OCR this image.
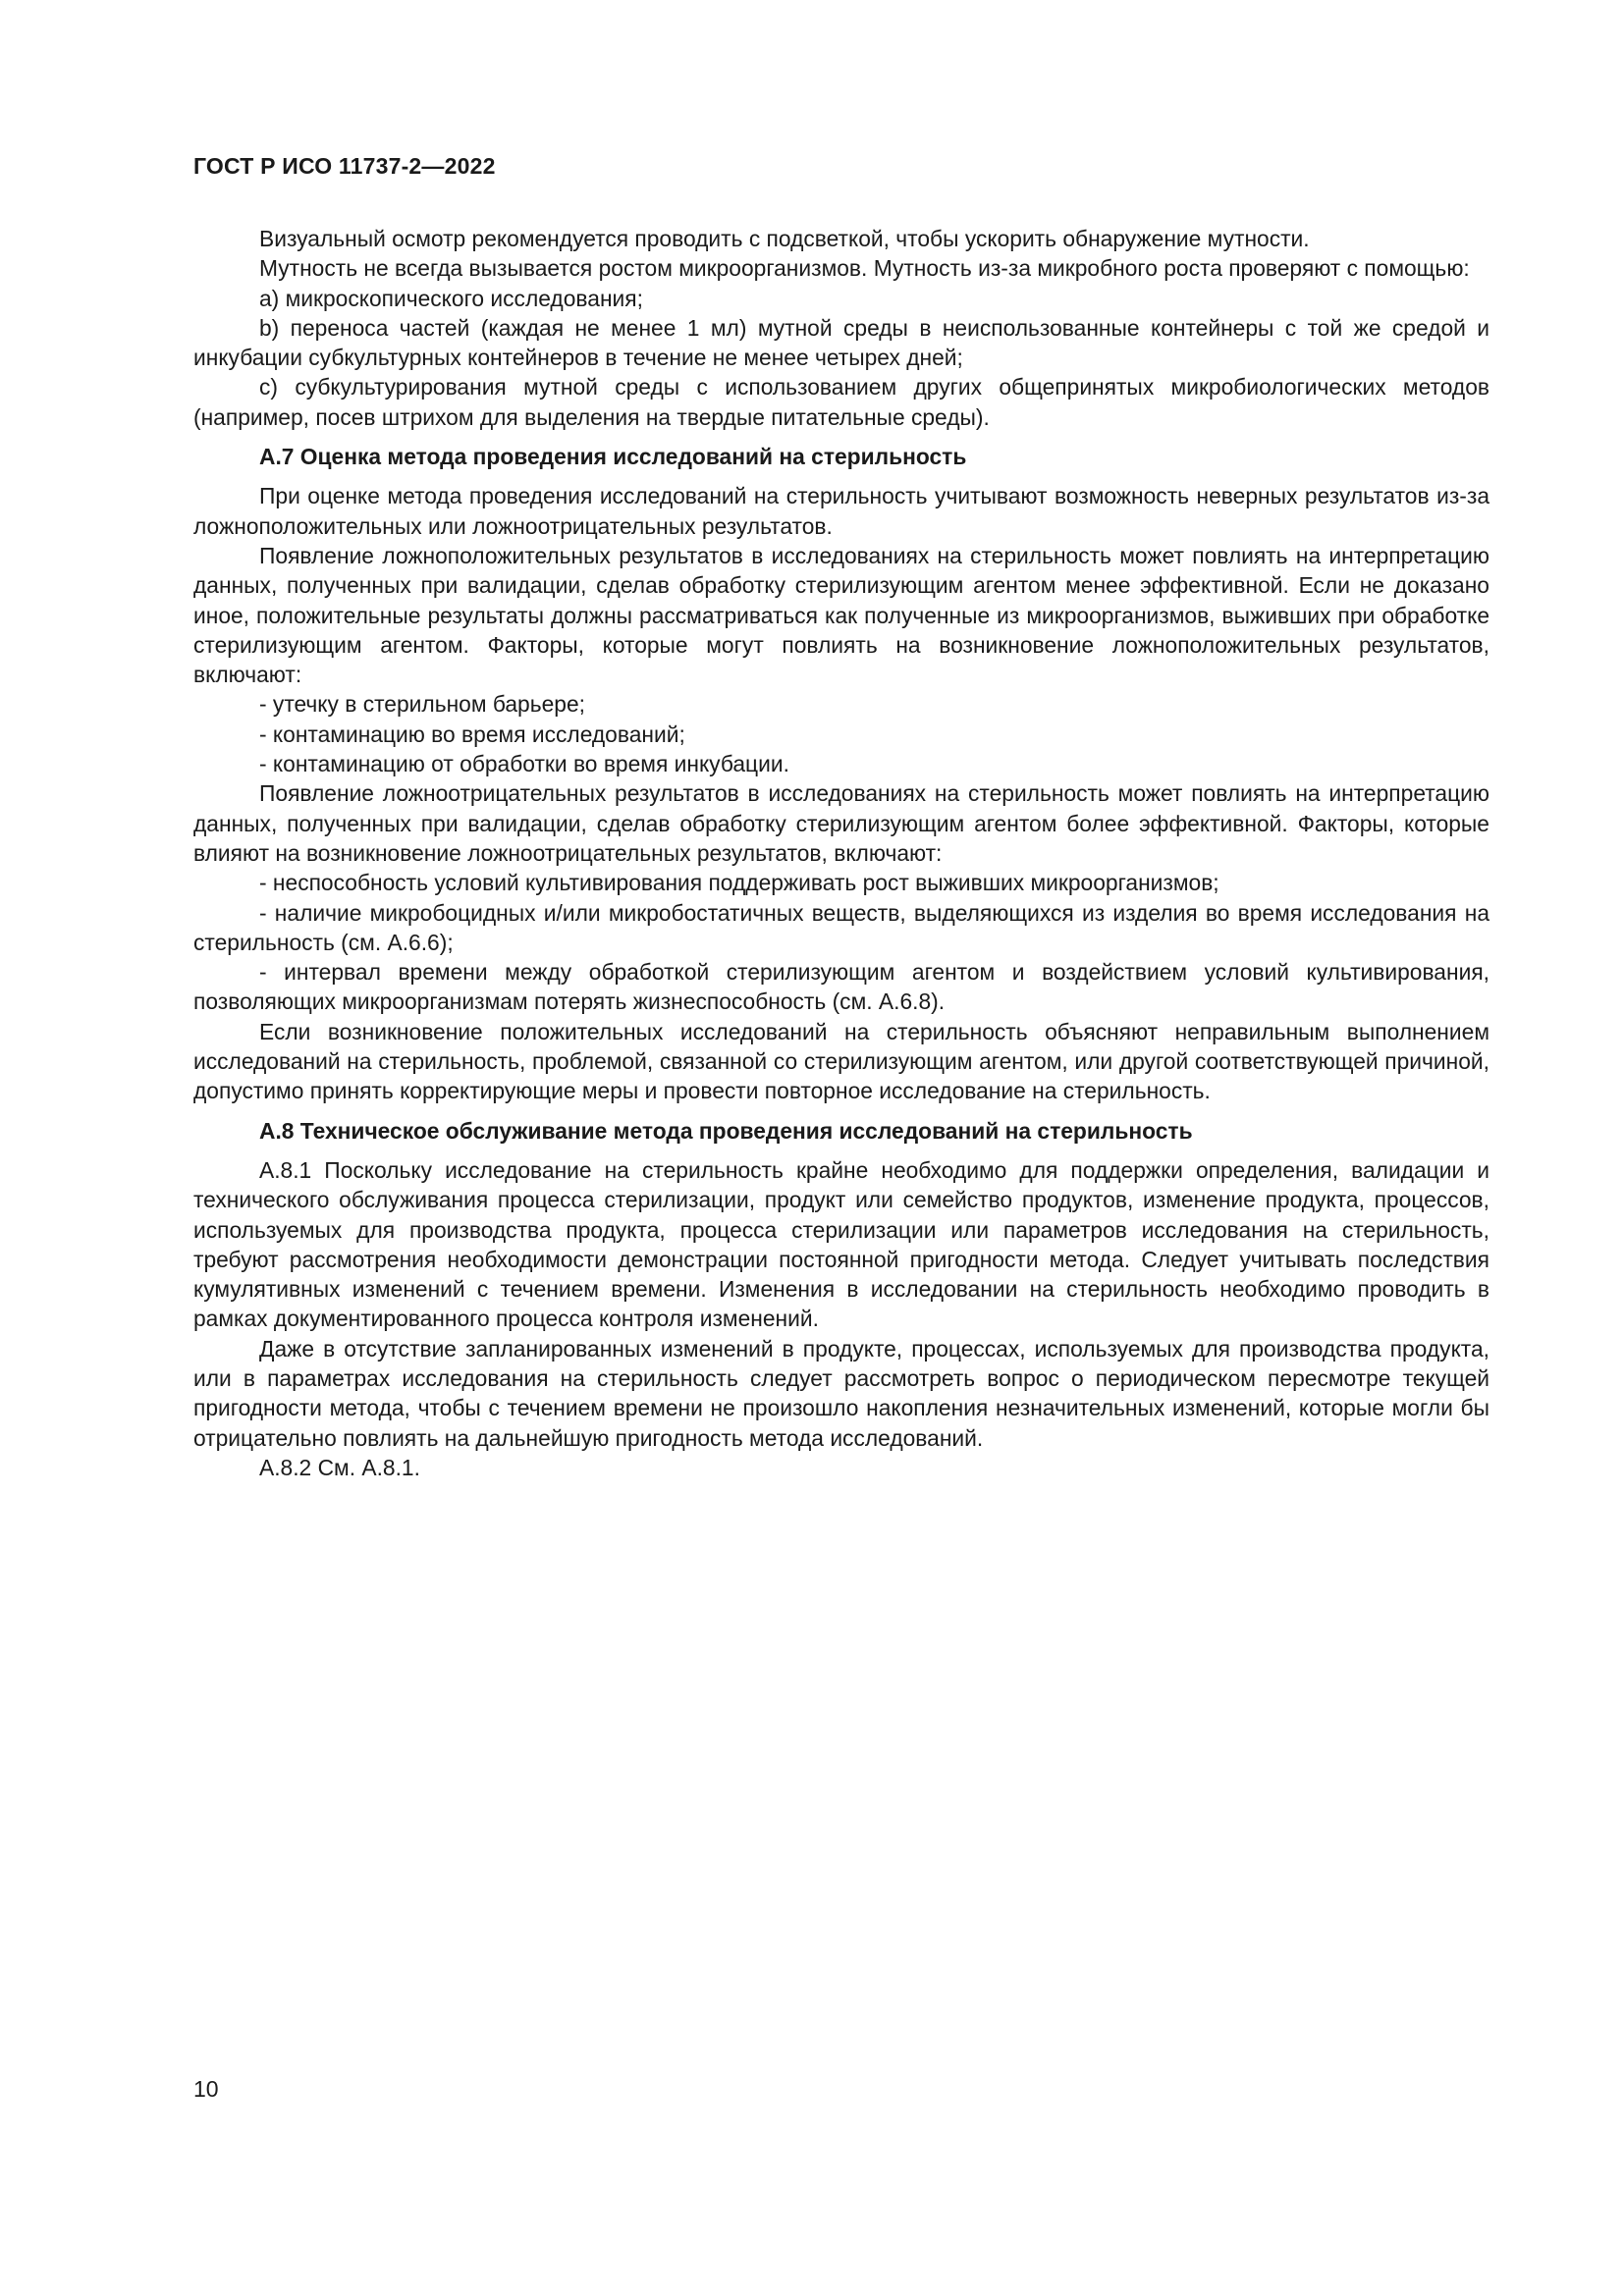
ГОСТ Р ИСО 11737-2—2022

Визуальный осмотр рекомендуется проводить с подсветкой, чтобы ускорить обнаружение мутности.

Мутность не всегда вызывается ростом микроорганизмов. Мутность из-за микробного роста проверяют с помощью:

a) микроскопического исследования;

b) переноса частей (каждая не менее 1 мл) мутной среды в неиспользованные контейнеры с той же средой и инкубации субкультурных контейнеров в течение не менее четырех дней;

c) субкультурирования мутной среды с использованием других общепринятых микробиологических методов (например, посев штрихом для выделения на твердые питательные среды).

А.7 Оценка метода проведения исследований на стерильность

При оценке метода проведения исследований на стерильность учитывают возможность неверных результатов из-за ложноположительных или ложноотрицательных результатов.

Появление ложноположительных результатов в исследованиях на стерильность может повлиять на интерпретацию данных, полученных при валидации, сделав обработку стерилизующим агентом менее эффективной. Если не доказано иное, положительные результаты должны рассматриваться как полученные из микроорганизмов, выживших при обработке стерилизующим агентом. Факторы, которые могут повлиять на возникновение ложноположительных результатов, включают:

- утечку в стерильном барьере;

- контаминацию во время исследований;

- контаминацию от обработки во время инкубации.

Появление ложноотрицательных результатов в исследованиях на стерильность может повлиять на интерпретацию данных, полученных при валидации, сделав обработку стерилизующим агентом более эффективной. Факторы, которые влияют на возникновение ложноотрицательных результатов, включают:

- неспособность условий культивирования поддерживать рост выживших микроорганизмов;

- наличие микробоцидных и/или микробостатичных веществ, выделяющихся из изделия во время исследования на стерильность (см. А.6.6);

- интервал времени между обработкой стерилизующим агентом и воздействием условий культивирования, позволяющих микроорганизмам потерять жизнеспособность (см. А.6.8).

Если возникновение положительных исследований на стерильность объясняют неправильным выполнением исследований на стерильность, проблемой, связанной со стерилизующим агентом, или другой соответствующей причиной, допустимо принять корректирующие меры и провести повторное исследование на стерильность.

А.8 Техническое обслуживание метода проведения исследований на стерильность

А.8.1 Поскольку исследование на стерильность крайне необходимо для поддержки определения, валидации и технического обслуживания процесса стерилизации, продукт или семейство продуктов, изменение продукта, процессов, используемых для производства продукта, процесса стерилизации или параметров исследования на стерильность, требуют рассмотрения необходимости демонстрации постоянной пригодности метода. Следует учитывать последствия кумулятивных изменений с течением времени. Изменения в исследовании на стерильность необходимо проводить в рамках документированного процесса контроля изменений.

Даже в отсутствие запланированных изменений в продукте, процессах, используемых для производства продукта, или в параметрах исследования на стерильность следует рассмотреть вопрос о периодическом пересмотре текущей пригодности метода, чтобы с течением времени не произошло накопления незначительных изменений, которые могли бы отрицательно повлиять на дальнейшую пригодность метода исследований.

А.8.2 См. А.8.1.

10
